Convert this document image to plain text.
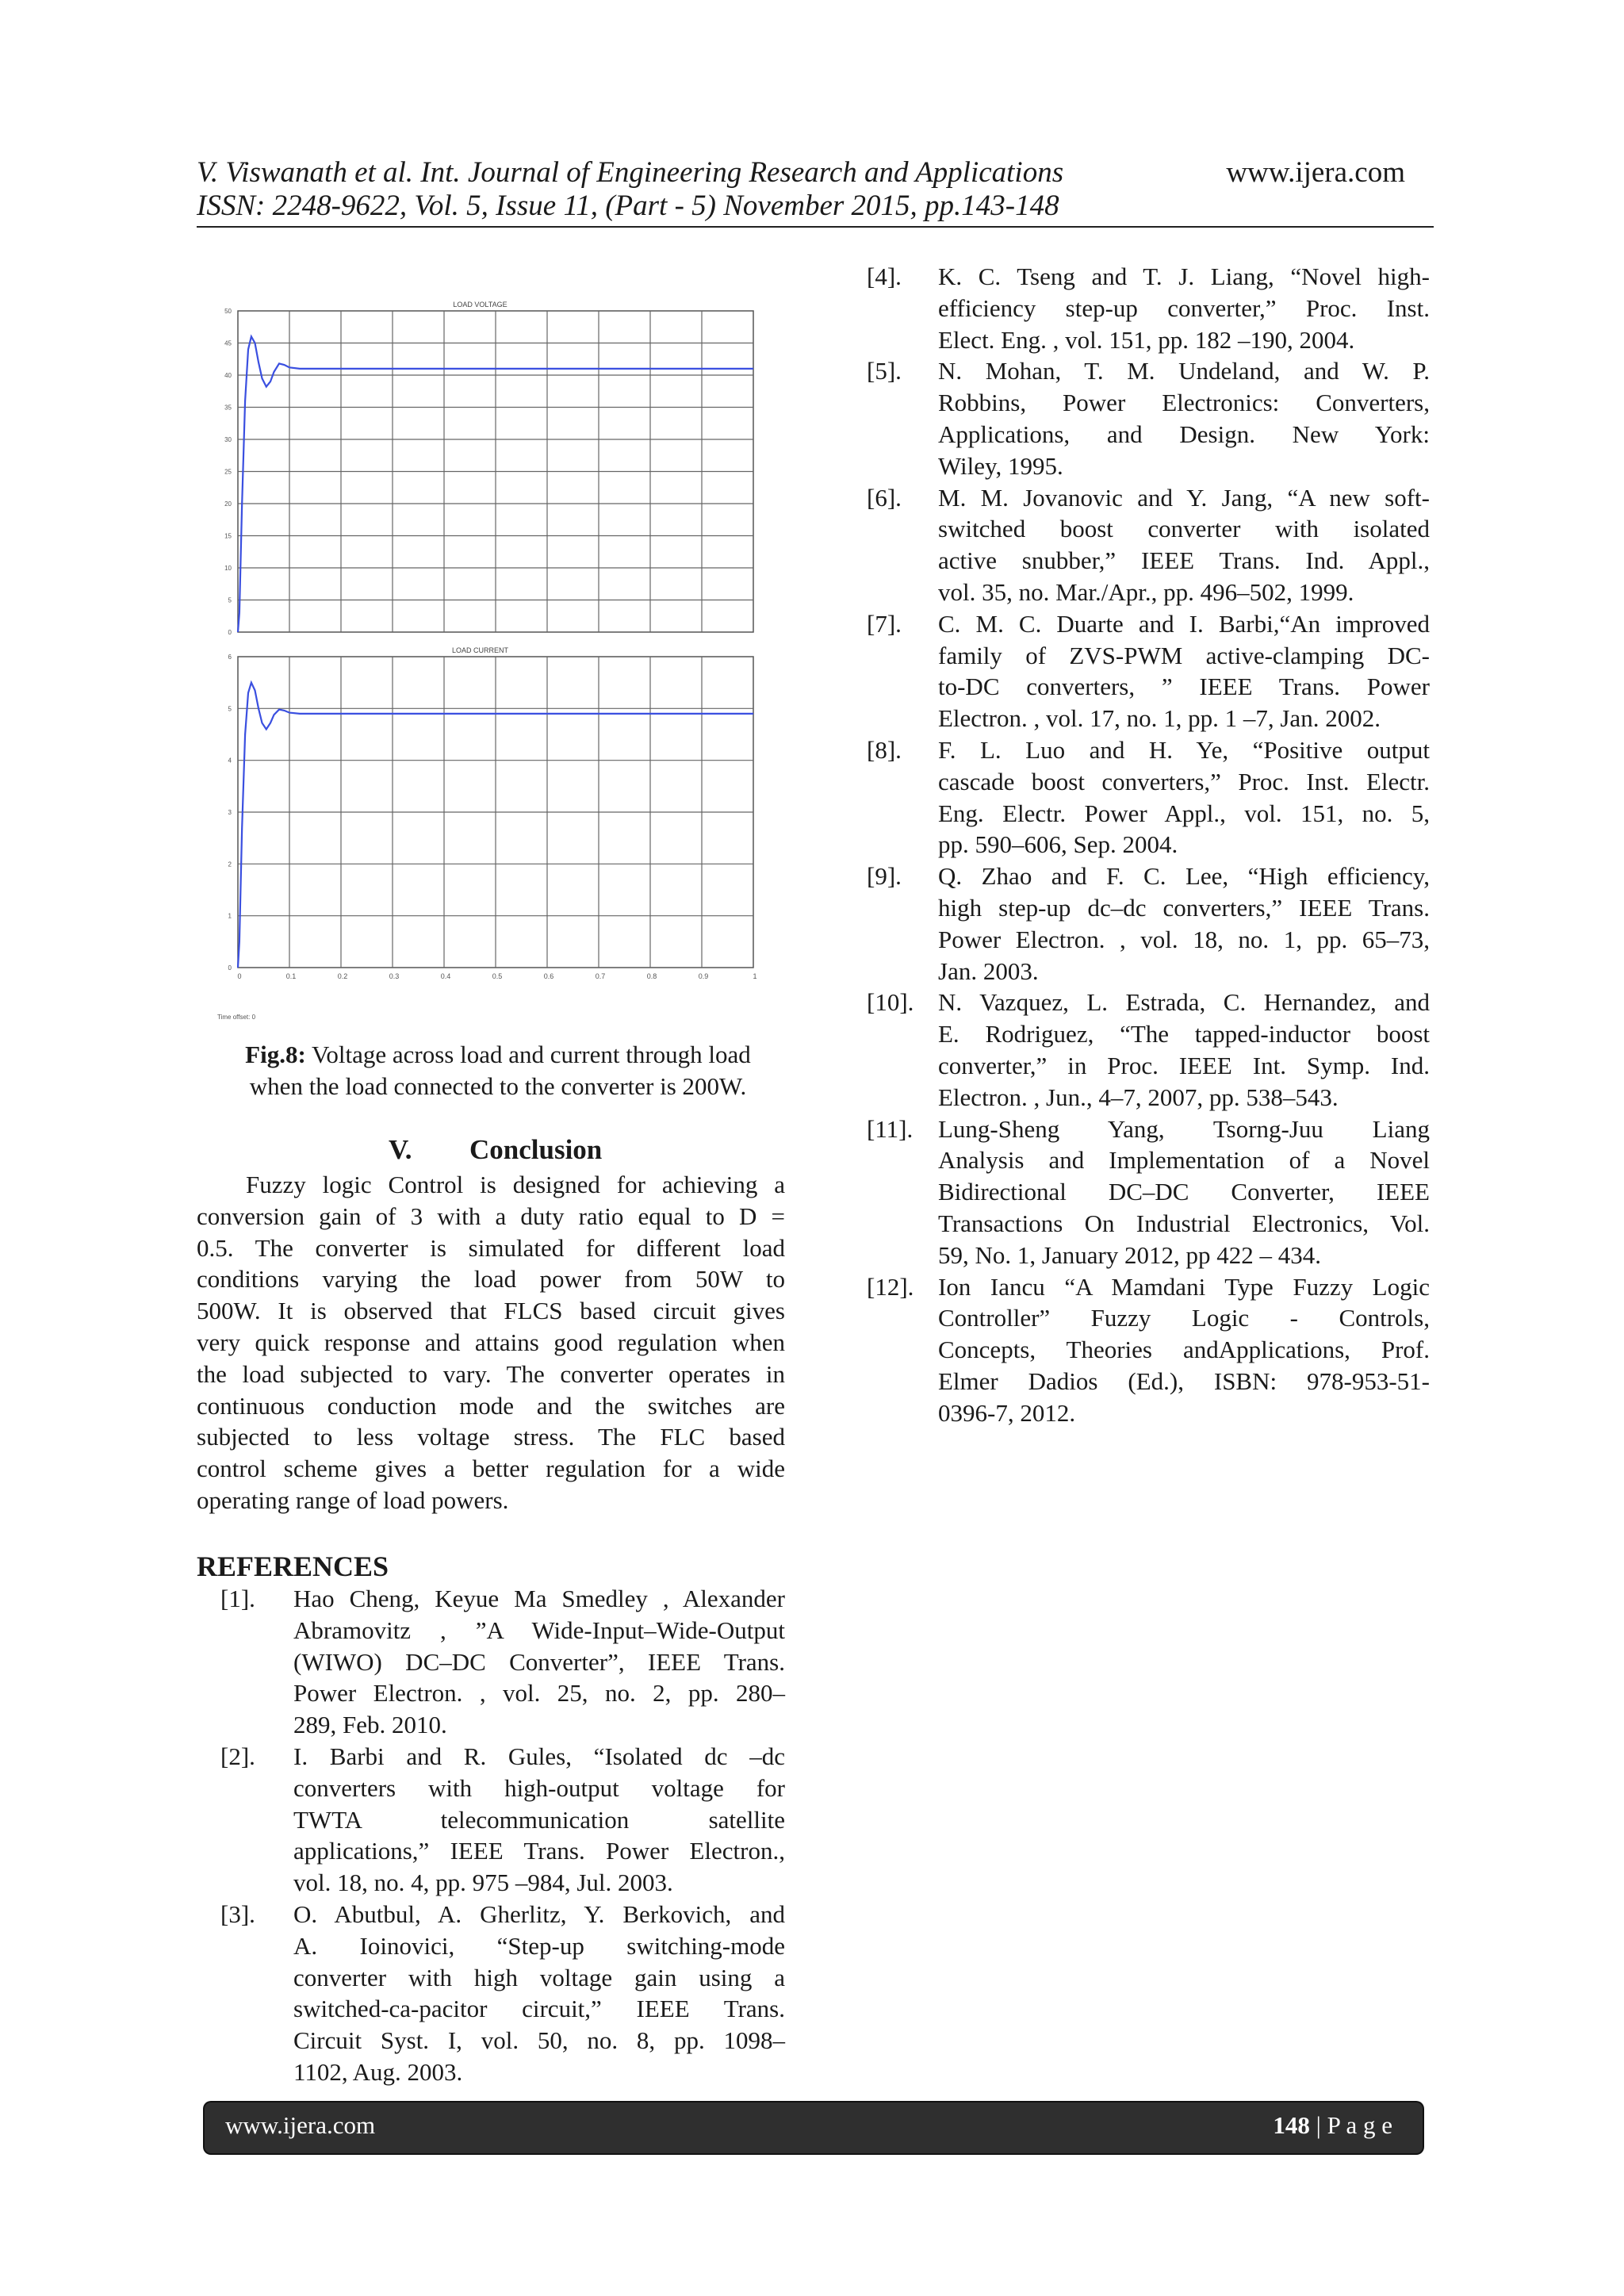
V. Viswanath et al. Int. Journal of Engineering Research and Applications
ISSN: 2248-9622, Vol. 5, Issue 11, (Part - 5) November 2015, pp.143-148
www.ijera.com
LOAD VOLTAGE
0
5
10
15
20
25
30
35
40
45
50
LOAD CURRENT
0	0.1	0.2	0.3	0.4	0.5	0.6	0.7	0.8	0.9	1
0
1
2
3
4
5
6
Time offset: 0
Fig.8: Voltage across load and current through load
when the load connected to the converter is 200W.
V. Conclusion
Fuzzy logic Control is designed for achieving a
conversion gain of 3 with a duty ratio equal to D =
0.5. The converter is simulated for different load
conditions varying the load power from 50W to
500W. It is observed that FLCS based circuit gives
very quick response and attains good regulation when
the load subjected to vary. The converter operates in
continuous conduction mode and the switches are
subjected to less voltage stress. The FLC based
control scheme gives a better regulation for a wide
operating range of load powers.
REFERENCES
[1].	Hao Cheng, Keyue Ma Smedley , Alexander
Abramovitz , ”A Wide-Input–Wide-Output
(WIWO) DC–DC Converter”, IEEE Trans.
Power Electron. , vol. 25, no. 2, pp. 280–
289, Feb. 2010.
[2].	I. Barbi and R. Gules, “Isolated dc –dc
converters with high-output voltage for
TWTA telecommunication satellite
applications,” IEEE Trans. Power Electron.,
vol. 18, no. 4, pp. 975 –984, Jul. 2003.
[3].	O. Abutbul, A. Gherlitz, Y. Berkovich, and
A. Ioinovici, “Step-up switching-mode
converter with high voltage gain using a
switched-ca-pacitor circuit,” IEEE Trans.
Circuit Syst. I, vol. 50, no. 8, pp. 1098–
1102, Aug. 2003.
[4].	K. C. Tseng and T. J. Liang, “Novel high-
efficiency step-up converter,” Proc. Inst.
Elect. Eng. , vol. 151, pp. 182 –190, 2004.
[5].	N. Mohan, T. M. Undeland, and W. P.
Robbins, Power Electronics: Converters,
Applications, and Design. New York:
Wiley, 1995.
[6].	M. M. Jovanovic and Y. Jang, “A new soft-
switched boost converter with isolated
active snubber,” IEEE Trans. Ind. Appl.,
vol. 35, no. Mar./Apr., pp. 496–502, 1999.
[7].	C. M. C. Duarte and I. Barbi,“An improved
family of ZVS-PWM active-clamping DC-
to-DC converters, ” IEEE Trans. Power
Electron. , vol. 17, no. 1, pp. 1 –7, Jan. 2002.
[8].	F. L. Luo and H. Ye, “Positive output
cascade boost converters,” Proc. Inst. Electr.
Eng. Electr. Power Appl., vol. 151, no. 5,
pp. 590–606, Sep. 2004.
[9].	Q. Zhao and F. C. Lee, “High efficiency,
high step-up dc–dc converters,” IEEE Trans.
Power Electron. , vol. 18, no. 1, pp. 65–73,
Jan. 2003.
[10]. N. Vazquez, L. Estrada, C. Hernandez, and
E. Rodriguez, “The tapped-inductor boost
converter,” in Proc. IEEE Int. Symp. Ind.
Electron. , Jun., 4–7, 2007, pp. 538–543.
[11].	Lung-Sheng Yang, Tsorng-Juu Liang
Analysis and Implementation of a Novel
Bidirectional DC–DC Converter, IEEE
Transactions On Industrial Electronics, Vol.
59, No. 1, January 2012, pp 422 – 434.
[12]. Ion Iancu “A Mamdani Type Fuzzy Logic
Controller” Fuzzy Logic - Controls,
Concepts, Theories andApplications, Prof.
Elmer Dadios (Ed.), ISBN: 978-953-51-
0396-7, 2012.
www.ijera.com	148 | P a g e
